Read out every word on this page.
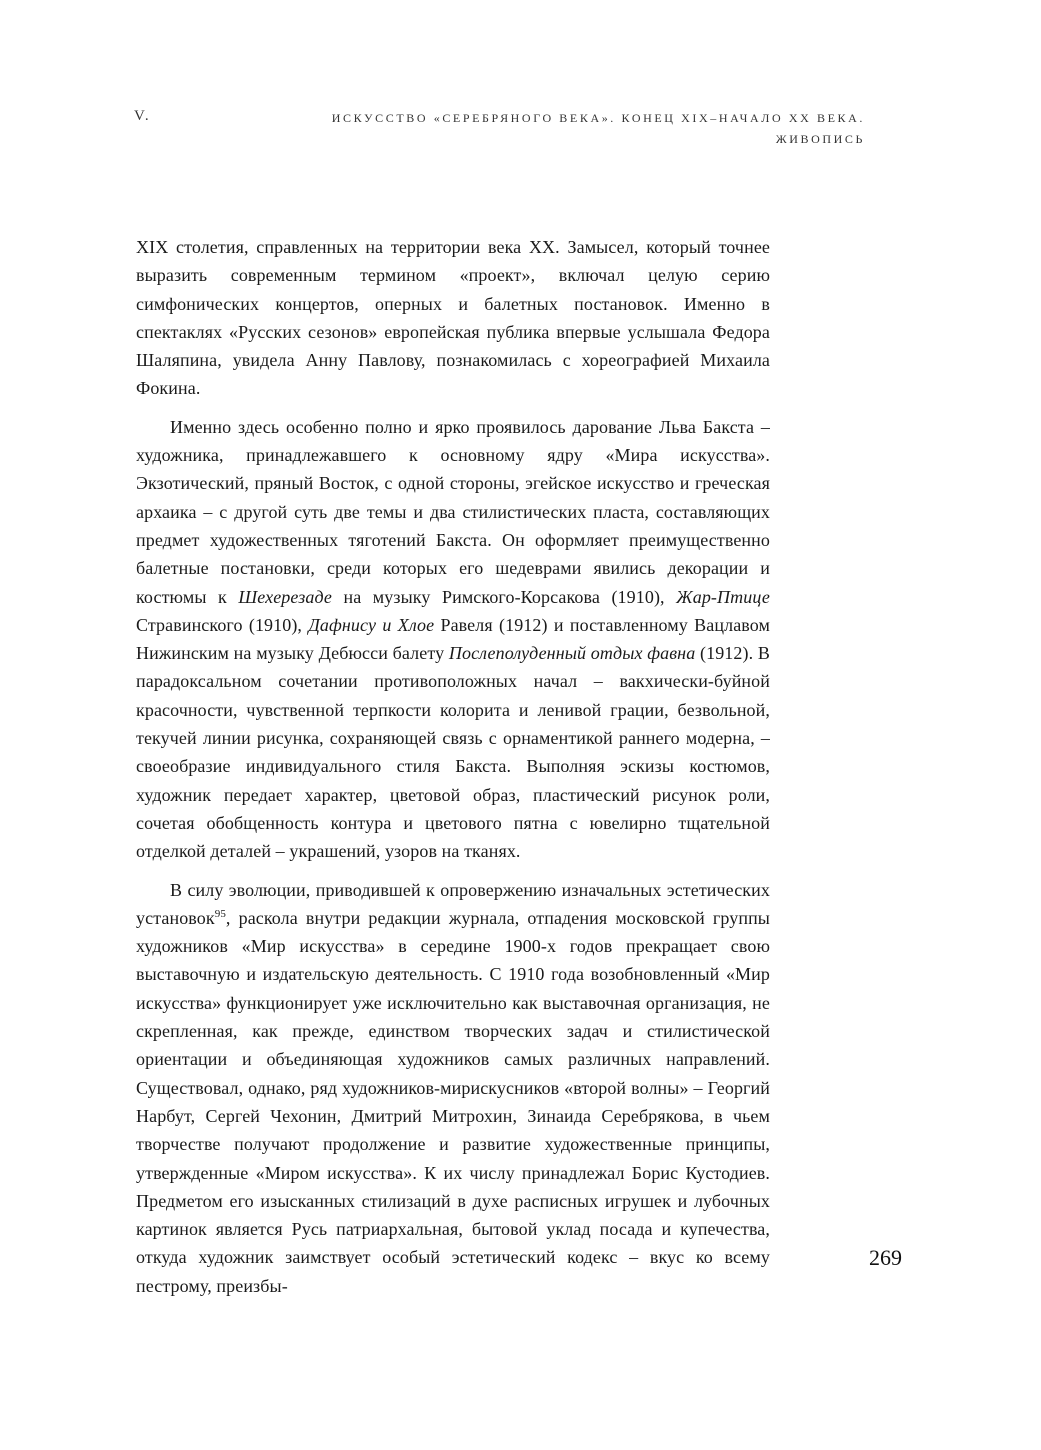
V.	ИСКУССТВО «СЕРЕБРЯНОГО ВЕКА». КОНЕЦ XIX–НАЧАЛО XX ВЕКА.
ЖИВОПИСЬ

XIX столетия, справленных на территории века XX. Замысел, который точнее выразить современным термином «проект», включал целую серию симфонических концертов, оперных и балетных постановок. Именно в спектаклях «Русских сезонов» европейская публика впервые услышала Федора Шаляпина, увидела Анну Павлову, познакомилась с хореографией Михаила Фокина.

Именно здесь особенно полно и ярко проявилось дарование Льва Бакста – художника, принадлежавшего к основному ядру «Мира искусства». Экзотический, пряный Восток, с одной стороны, эгейское искусство и греческая архаика – с другой суть две темы и два стилистических пласта, составляющих предмет художественных тяготений Бакста. Он оформляет преимущественно балетные постановки, среди которых его шедеврами явились декорации и костюмы к Шехерезаде на музыку Римского-Корсакова (1910), Жар-Птице Стравинского (1910), Дафнису и Хлое Равеля (1912) и поставленному Вацлавом Нижинским на музыку Дебюсси балету Послеполуденный отдых фавна (1912). В парадоксальном сочетании противоположных начал – вакхически-буйной красочности, чувственной терпкости колорита и ленивой грации, безвольной, текучей линии рисунка, сохраняющей связь с орнаментикой раннего модерна, – своеобразие индивидуального стиля Бакста. Выполняя эскизы костюмов, художник передает характер, цветовой образ, пластический рисунок роли, сочетая обобщенность контура и цветового пятна с ювелирно тщательной отделкой деталей – украшений, узоров на тканях.

В силу эволюции, приводившей к опровержению изначальных эстетических установок$^{95}$, раскола внутри редакции журнала, отпадения московской группы художников «Мир искусства» в середине 1900-х годов прекращает свою выставочную и издательскую деятельность. С 1910 года возобновленный «Мир искусства» функционирует уже исключительно как выставочная организация, не скрепленная, как прежде, единством творческих задач и стилистической ориентации и объединяющая художников самых различных направлений. Существовал, однако, ряд художников-мирискусников «второй волны» – Георгий Нарбут, Сергей Чехонин, Дмитрий Митрохин, Зинаида Серебрякова, в чьем творчестве получают продолжение и развитие художественные принципы, утвержденные «Миром искусства». К их числу принадлежал Борис Кустодиев. Предметом его изысканных стилизаций в духе расписных игрушек и лубочных картинок является Русь патриархальная, бытовой уклад посада и купечества, откуда художник заимствует особый эстетический кодекс – вкус ко всему пестрому, преизбы-

269
